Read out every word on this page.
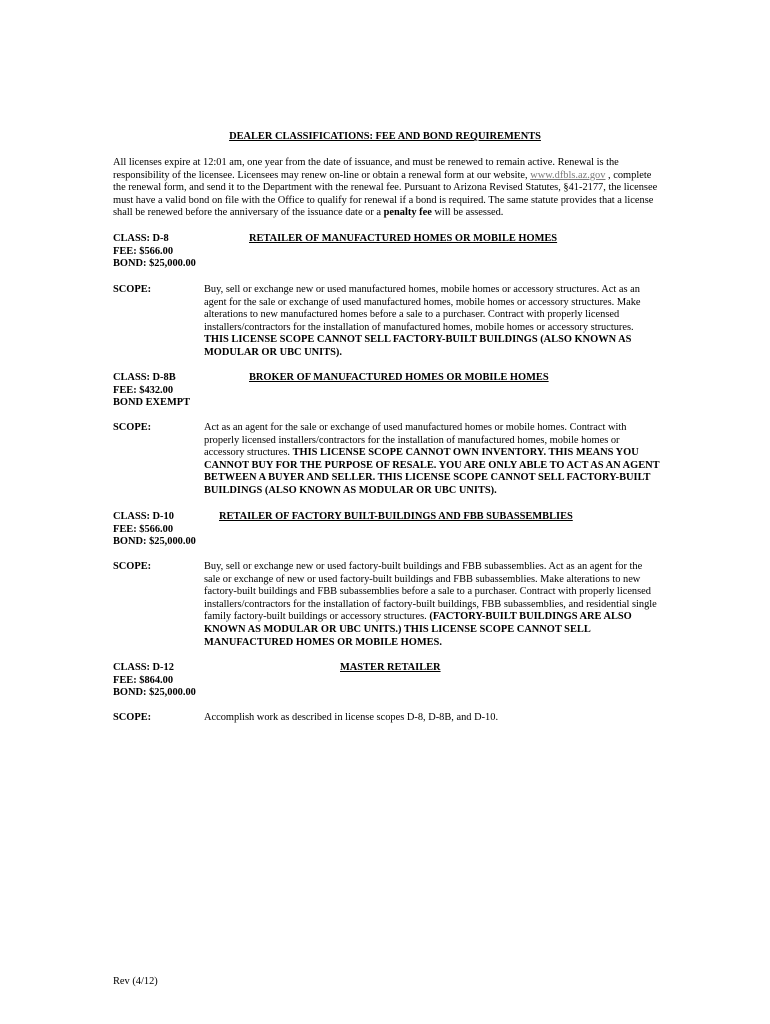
DEALER CLASSIFICATIONS: FEE AND BOND REQUIREMENTS
All licenses expire at 12:01 am, one year from the date of issuance, and must be renewed to remain active. Renewal is the responsibility of the licensee. Licensees may renew on-line or obtain a renewal form at our website, www.dfbls.az.gov , complete the renewal form, and send it to the Department with the renewal fee. Pursuant to Arizona Revised Statutes, §41-2177, the licensee must have a valid bond on file with the Office to qualify for renewal if a bond is required. The same statute provides that a license shall be renewed before the anniversary of the issuance date or a penalty fee will be assessed.
CLASS: D-8
FEE: $566.00
BOND: $25,000.00
RETAILER OF MANUFACTURED HOMES OR MOBILE HOMES
SCOPE:	Buy, sell or exchange new or used manufactured homes, mobile homes or accessory structures. Act as an agent for the sale or exchange of used manufactured homes, mobile homes or accessory structures. Make alterations to new manufactured homes before a sale to a purchaser. Contract with properly licensed installers/contractors for the installation of manufactured homes, mobile homes or accessory structures. THIS LICENSE SCOPE CANNOT SELL FACTORY-BUILT BUILDINGS (ALSO KNOWN AS MODULAR OR UBC UNITS).
CLASS: D-8B
FEE: $432.00
BOND EXEMPT
BROKER OF MANUFACTURED HOMES OR MOBILE HOMES
SCOPE:	Act as an agent for the sale or exchange of used manufactured homes or mobile homes. Contract with properly licensed installers/contractors for the installation of manufactured homes, mobile homes or accessory structures. THIS LICENSE SCOPE CANNOT OWN INVENTORY. THIS MEANS YOU CANNOT BUY FOR THE PURPOSE OF RESALE. YOU ARE ONLY ABLE TO ACT AS AN AGENT BETWEEN A BUYER AND SELLER. THIS LICENSE SCOPE CANNOT SELL FACTORY-BUILT BUILDINGS (ALSO KNOWN AS MODULAR OR UBC UNITS).
CLASS: D-10
FEE: $566.00
BOND: $25,000.00
RETAILER OF FACTORY BUILT-BUILDINGS AND FBB SUBASSEMBLIES
SCOPE:	Buy, sell or exchange new or used factory-built buildings and FBB subassemblies. Act as an agent for the sale or exchange of new or used factory-built buildings and FBB subassemblies. Make alterations to new factory-built buildings and FBB subassemblies before a sale to a purchaser. Contract with properly licensed installers/contractors for the installation of factory-built buildings, FBB subassemblies, and residential single family factory-built buildings or accessory structures. (FACTORY-BUILT BUILDINGS ARE ALSO KNOWN AS MODULAR OR UBC UNITS.) THIS LICENSE SCOPE CANNOT SELL MANUFACTURED HOMES OR MOBILE HOMES.
CLASS: D-12
FEE: $864.00
BOND: $25,000.00
MASTER RETAILER
SCOPE:	Accomplish work as described in license scopes D-8, D-8B, and D-10.
Rev (4/12)
